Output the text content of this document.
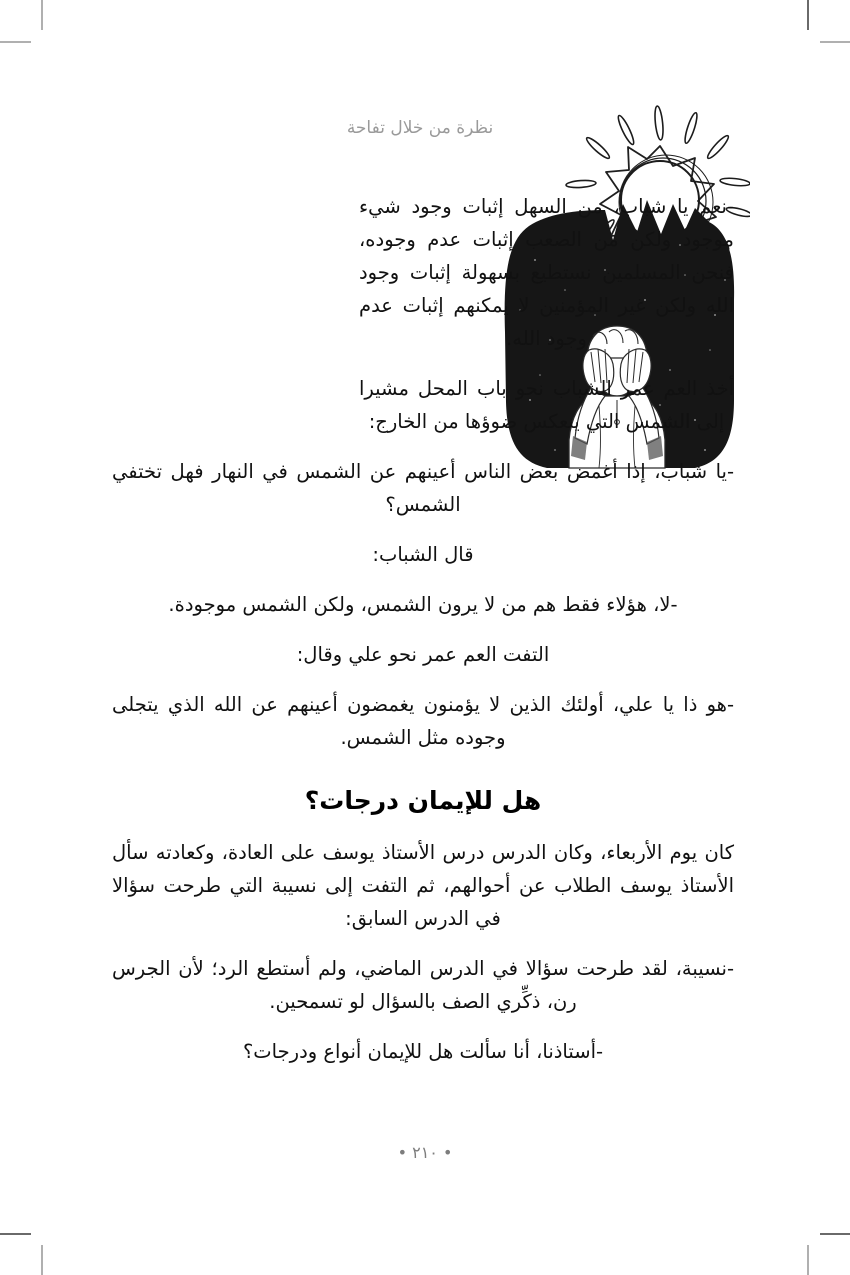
نظرة من خلال تفاحة

-نعم يا شباب، من السهل إثبات وجود شيء موجود ولكن من الصعب إثبات عدم وجوده، فنحن المسلمين نستطيع بسهولة إثبات وجود الله ولكن غير المؤمنين لا يمكنهم إثبات عدم وجود الله.

أخذ العم عمر الشباب نحو باب المحل مشيرا إلى الشمس التي ينعكس ضوؤها من الخارج:

-يا شباب، إذا أغمض بعض الناس أعينهم عن الشمس في النهار فهل تختفي الشمس؟

قال الشباب:

-لا، هؤلاء فقط هم من لا يرون الشمس، ولكن الشمس موجودة.

التفت العم عمر نحو علي وقال:

-هو ذا يا علي، أولئك الذين لا يؤمنون يغمضون أعينهم عن الله الذي يتجلى وجوده مثل الشمس.

هل للإيمان درجات؟

كان يوم الأربعاء، وكان الدرس درس الأستاذ يوسف على العادة، وكعادته سأل الأستاذ يوسف الطلاب عن أحوالهم، ثم التفت إلى نسيبة التي طرحت سؤالا في الدرس السابق:

-نسيبة، لقد طرحت سؤالا في الدرس الماضي، ولم أستطع الرد؛ لأن الجرس رن، ذكِّري الصف بالسؤال لو تسمحين.

-أستاذنا، أنا سألت هل للإيمان أنواع ودرجات؟

• ٢١٠ •
